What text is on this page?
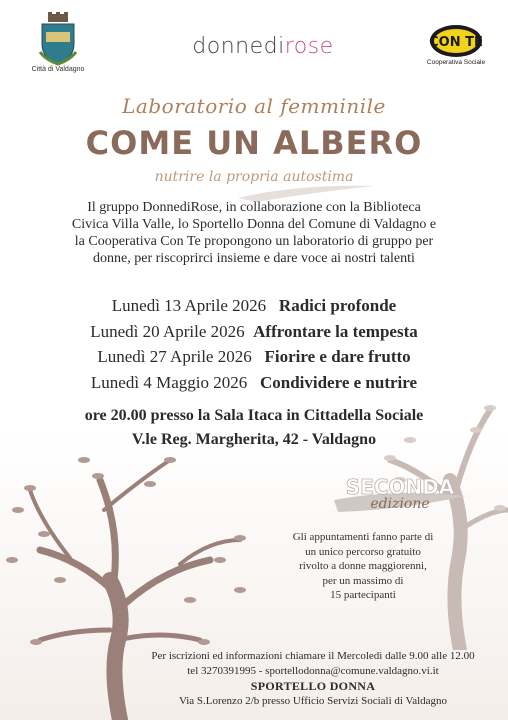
Città di Valdagno
donnedirose	CON TE
Cooperativa Sociale
Laboratorio al femminile
COME UN ALBERO
nutrire la propria autostima
Il gruppo DonnediRose, in collaborazione con la Biblioteca
Civica Villa Valle, lo Sportello Donna del Comune di Valdagno e
la Cooperativa Con Te propongono un laboratorio di gruppo per
donne, per riscoprirci insieme e dare voce ai nostri talenti
Lunedì 13 Aprile 2026 Radici profonde
Lunedì 20 Aprile 2026 Affrontare la tempesta
Lunedì 27 Aprile 2026 Fiorire e dare frutto
Lunedì 4 Maggio 2026 Condividere e nutrire
ore 20.00 presso la Sala Itaca in Cittadella Sociale
V.le Reg. Margherita, 42 - Valdagno
SECONDA
edizione
Gli appuntamenti fanno parte di
un unico percorso gratuito
rivolto a donne maggiorenni,
per un massimo di
15 partecipanti
Per iscrizioni ed informazioni chiamare il Mercoledì dalle 9.00 alle 12.00
tel 3270391995 - sportellodonna@comune.valdagno.vi.it
SPORTELLO DONNA
Via S.Lorenzo 2/b presso Ufficio Servizi Sociali di Valdagno
